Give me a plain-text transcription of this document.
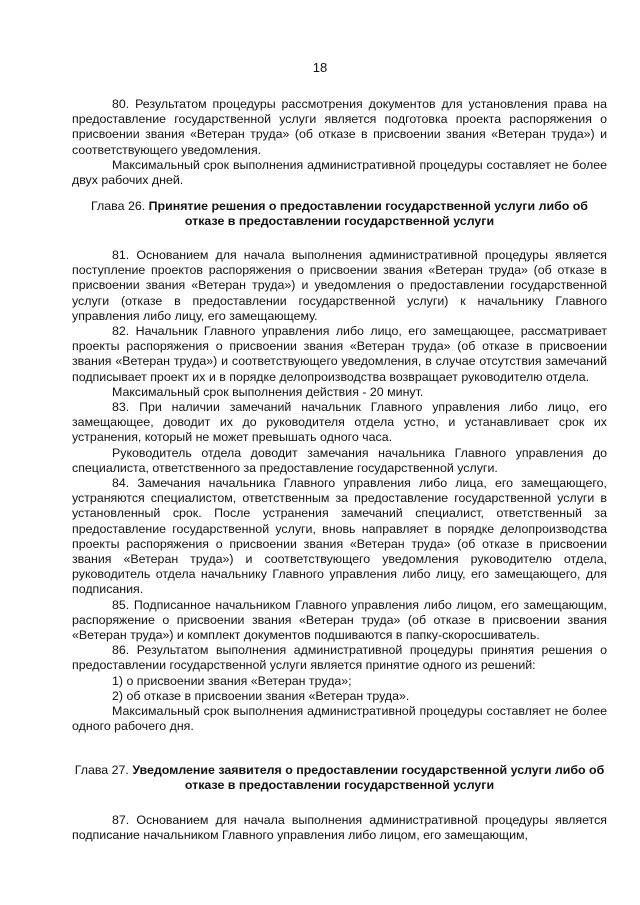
18

80. Результатом процедуры рассмотрения документов для установления права на предоставление государственной услуги является подготовка проекта распоряжения о присвоении звания «Ветеран труда» (об отказе в присвоении звания «Ветеран труда») и соответствующего уведомления.

Максимальный срок выполнения административной процедуры составляет не более двух рабочих дней.

Глава 26. Принятие решения о предоставлении государственной услуги либо об отказе в предоставлении государственной услуги

81. Основанием для начала выполнения административной процедуры является поступление проектов распоряжения о присвоении звания «Ветеран труда» (об отказе в присвоении звания «Ветеран труда») и уведомления о предоставлении государственной услуги (отказе в предоставлении государственной услуги) к начальнику Главного управления либо лицу, его замещающему.

82. Начальник Главного управления либо лицо, его замещающее, рассматривает проекты распоряжения о присвоении звания «Ветеран труда» (об отказе в присвоении звания «Ветеран труда») и соответствующего уведомления, в случае отсутствия замечаний подписывает проект их и в порядке делопроизводства возвращает руководителю отдела.

Максимальный срок выполнения действия - 20 минут.

83. При наличии замечаний начальник Главного управления либо лицо, его замещающее, доводит их до руководителя отдела устно, и устанавливает срок их устранения, который не может превышать одного часа.

Руководитель отдела доводит замечания начальника Главного управления до специалиста, ответственного за предоставление государственной услуги.

84. Замечания начальника Главного управления либо лица, его замещающего, устраняются специалистом, ответственным за предоставление государственной услуги в установленный срок. После устранения замечаний специалист, ответственный за предоставление государственной услуги, вновь направляет в порядке делопроизводства проекты распоряжения о присвоении звания «Ветеран труда» (об отказе в присвоении звания «Ветеран труда») и соответствующего уведомления руководителю отдела, руководитель отдела начальнику Главного управления либо лицу, его замещающего, для подписания.

85. Подписанное начальником Главного управления либо лицом, его замещающим, распоряжение о присвоении звания «Ветеран труда» (об отказе в присвоении звания «Ветеран труда») и комплект документов подшиваются в папку-скоросшиватель.

86. Результатом выполнения административной процедуры принятия решения о предоставлении государственной услуги является принятие одного из решений:

1) о присвоении звания «Ветеран труда»;

2) об отказе в присвоении звания «Ветеран труда».

Максимальный срок выполнения административной процедуры составляет не более одного рабочего дня.

Глава 27. Уведомление заявителя о предоставлении государственной услуги либо об отказе в предоставлении государственной услуги

87. Основанием для начала выполнения административной процедуры является подписание начальником Главного управления либо лицом, его замещающим,
